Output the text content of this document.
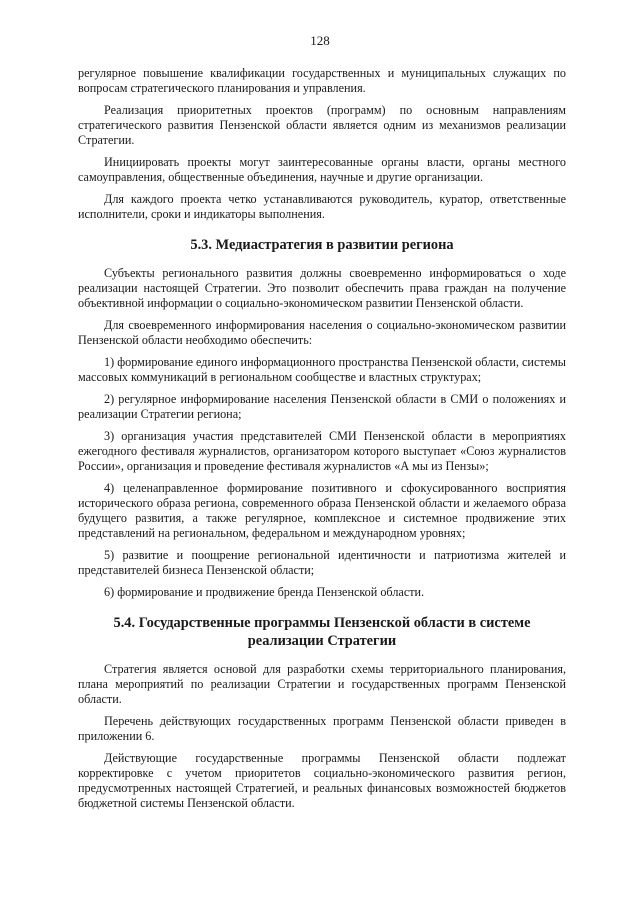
128

регулярное повышение квалификации государственных и муниципальных служащих по вопросам стратегического планирования и управления.

Реализация приоритетных проектов (программ) по основным направлениям стратегического развития Пензенской области является одним из механизмов реализации Стратегии.

Инициировать проекты могут заинтересованные органы власти, органы местного самоуправления, общественные объединения, научные и другие организации.

Для каждого проекта четко устанавливаются руководитель, куратор, ответственные исполнители, сроки и индикаторы выполнения.

5.3. Медиастратегия в развитии региона

Субъекты регионального развития должны своевременно информироваться о ходе реализации настоящей Стратегии. Это позволит обеспечить права граждан на получение объективной информации о социально-экономическом развитии Пензенской области.

Для своевременного информирования населения о социально-экономическом развитии Пензенской области необходимо обеспечить:

1) формирование единого информационного пространства Пензенской области, системы массовых коммуникаций в региональном сообществе и властных структурах;

2) регулярное информирование населения Пензенской области в СМИ о положениях и реализации Стратегии региона;

3) организация участия представителей СМИ Пензенской области в мероприятиях ежегодного фестиваля журналистов, организатором которого выступает «Союз журналистов России», организация и проведение фестиваля журналистов «А мы из Пензы»;

4) целенаправленное формирование позитивного и сфокусированного восприятия исторического образа региона, современного образа Пензенской области и желаемого образа будущего развития, а также регулярное, комплексное и системное продвижение этих представлений на региональном, федеральном и международном уровнях;

5) развитие и поощрение региональной идентичности и патриотизма жителей и представителей бизнеса Пензенской области;

6) формирование и продвижение бренда Пензенской области.

5.4. Государственные программы Пензенской области в системе
реализации Стратегии

Стратегия является основой для разработки схемы территориального планирования, плана мероприятий по реализации Стратегии и государственных программ Пензенской области.

Перечень действующих государственных программ Пензенской области приведен в приложении 6.

Действующие государственные программы Пензенской области подлежат корректировке с учетом приоритетов социально-экономического развития регион, предусмотренных настоящей Стратегией, и реальных финансовых возможностей бюджетов бюджетной системы Пензенской области.
